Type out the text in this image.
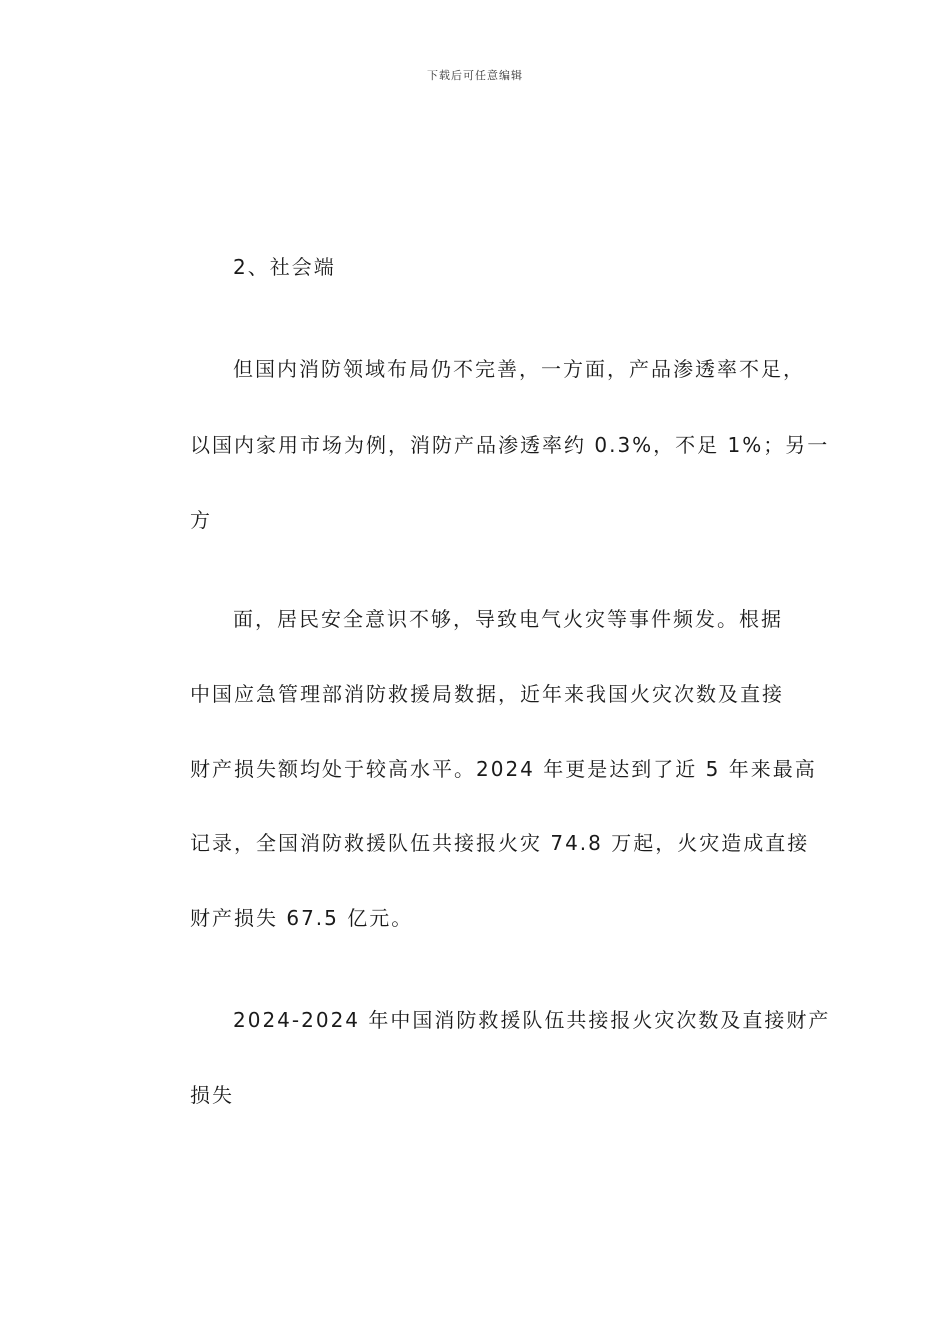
下载后可任意编辑
2、社会端
但国内消防领域布局仍不完善，一方面，产品渗透率不足，
以国内家用市场为例，消防产品渗透率约 0.3%，不足 1%；另一
方
面，居民安全意识不够，导致电气火灾等事件频发。根据
中国应急管理部消防救援局数据，近年来我国火灾次数及直接
财产损失额均处于较高水平。2024 年更是达到了近 5 年来最高
记录，全国消防救援队伍共接报火灾 74.8 万起，火灾造成直接
财产损失 67.5 亿元。
2024-2024 年中国消防救援队伍共接报火灾次数及直接财产
损失
